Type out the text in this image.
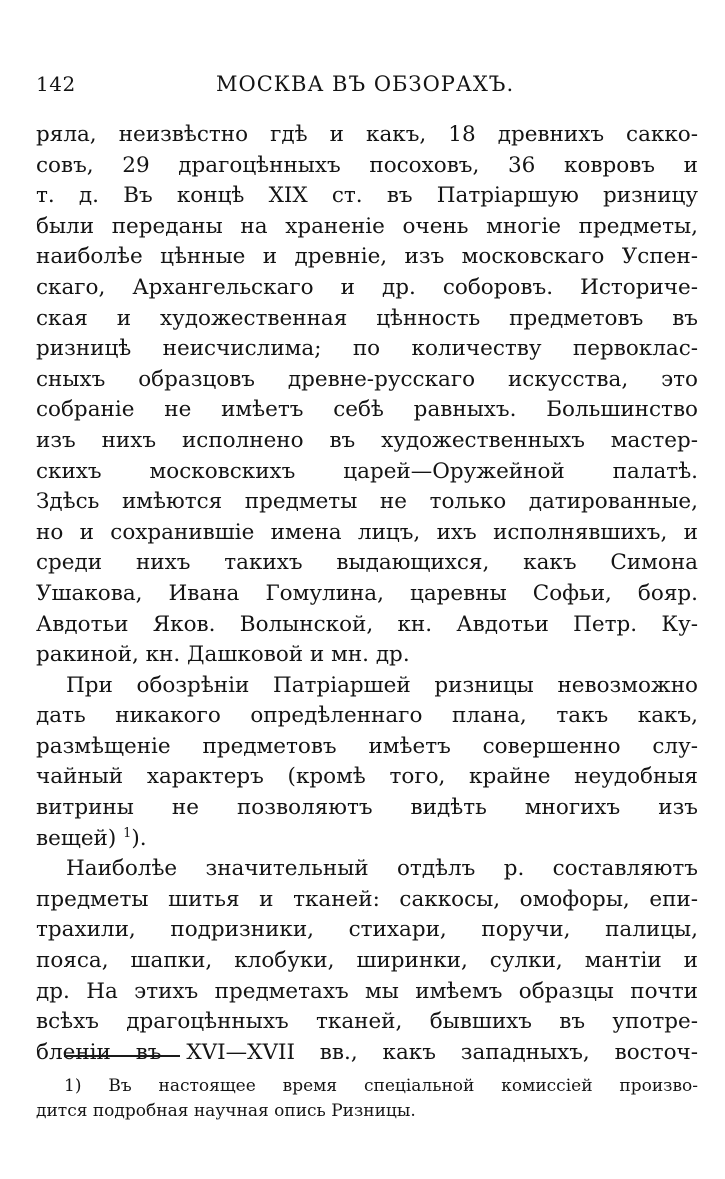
142	МОСКВА ВЪ ОБЗОРАХЪ.
ряла, неизвѣстно гдѣ и какъ, 18 древнихъ сакко-
совъ, 29 драгоцѣнныхъ посоховъ, 36 ковровъ и
т. д. Въ концѣ XIX ст. въ Патріаршую ризницу
были переданы на храненіе очень многіе предметы,
наиболѣе цѣнные и древніе, изъ московскаго Успен-
скаго, Архангельскаго и др. соборовъ. Историче-
ская и художественная цѣнность предметовъ въ
ризницѣ неисчислима; по количеству первоклас-
сныхъ образцовъ древне-русскаго искусства, это
собраніе не имѣетъ себѣ равныхъ. Большинство
изъ нихъ исполнено въ художественныхъ мастер-
скихъ московскихъ царей—Оружейной палатѣ.
Здѣсь имѣются предметы не только датированные,
но и сохранившіе имена лицъ, ихъ исполнявшихъ, и
среди нихъ такихъ выдающихся, какъ Симона
Ушакова, Ивана Гомулина, царевны Софьи, бояр.
Авдотьи Яков. Волынской, кн. Авдотьи Петр. Ку-
ракиной, кн. Дашковой и мн. др.
При обозрѣніи Патріаршей ризницы невозможно
дать никакого опредѣленнаго плана, такъ какъ,
размѣщеніе предметовъ имѣетъ совершенно слу-
чайный характеръ (кромѣ того, крайне неудобныя
витрины не позволяютъ видѣть многихъ изъ
вещей) $^1$).
Наиболѣе значительный отдѣлъ р. составляютъ
предметы шитья и тканей: саккосы, омофоры, епи-
трахили, подризники, стихари, поручи, палицы,
пояса, шапки, клобуки, ширинки, сулки, мантіи и
др. На этихъ предметахъ мы имѣемъ образцы почти
всѣхъ драгоцѣнныхъ тканей, бывшихъ въ употре-
бленіи въ XVI—XVII вв., какъ западныхъ, восточ-
1) Въ настоящее время спеціальной комиссіей произво-
дится подробная научная опись Ризницы.
